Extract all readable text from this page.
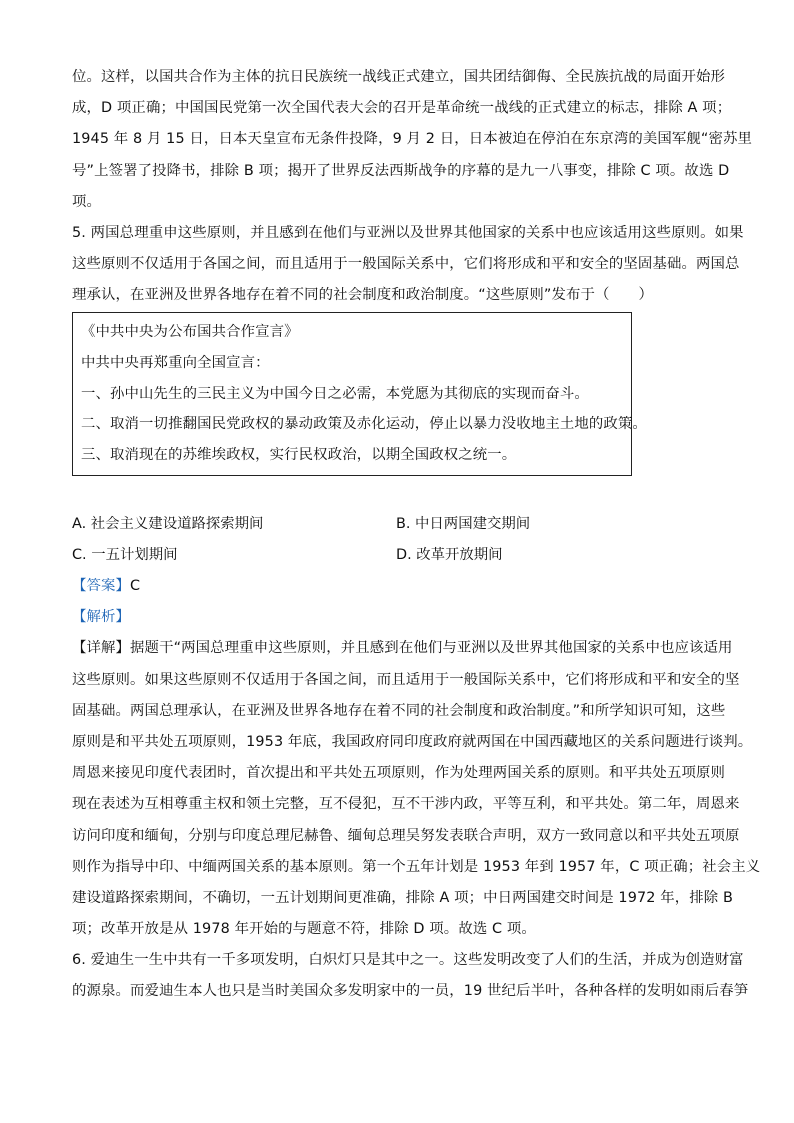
位。这样，以国共合作为主体的抗日民族统一战线正式建立，国共团结御侮、全民族抗战的局面开始形
成，D 项正确；中国国民党第一次全国代表大会的召开是革命统一战线的正式建立的标志，排除 A 项；
1945 年 8 月 15 日，日本天皇宣布无条件投降，9 月 2 日，日本被迫在停泊在东京湾的美国军舰“密苏里
号”上签署了投降书，排除 B 项；揭开了世界反法西斯战争的序幕的是九一八事变，排除 C 项。故选 D
项。
5. 两国总理重申这些原则，并且感到在他们与亚洲以及世界其他国家的关系中也应该适用这些原则。如果
这些原则不仅适用于各国之间，而且适用于一般国际关系中，它们将形成和平和安全的坚固基础。两国总
理承认，在亚洲及世界各地存在着不同的社会制度和政治制度。“这些原则”发布于（　　）
《中共中央为公布国共合作宣言》
中共中央再郑重向全国宣言：
一、孙中山先生的三民主义为中国今日之必需，本党愿为其彻底的实现而奋斗。
二、取消一切推翻国民党政权的暴动政策及赤化运动，停止以暴力没收地主土地的政策。
三、取消现在的苏维埃政权，实行民权政治，以期全国政权之统一。
A. 社会主义建设道路探索期间	B. 中日两国建交期间
C. 一五计划期间	D. 改革开放期间
【答案】C
【解析】
【详解】据题干“两国总理重申这些原则，并且感到在他们与亚洲以及世界其他国家的关系中也应该适用
这些原则。如果这些原则不仅适用于各国之间，而且适用于一般国际关系中，它们将形成和平和安全的坚
固基础。两国总理承认，在亚洲及世界各地存在着不同的社会制度和政治制度。”和所学知识可知，这些
原则是和平共处五项原则，1953 年底，我国政府同印度政府就两国在中国西藏地区的关系问题进行谈判。
周恩来接见印度代表团时，首次提出和平共处五项原则，作为处理两国关系的原则。和平共处五项原则
现在表述为互相尊重主权和领土完整，互不侵犯，互不干涉内政，平等互利，和平共处。第二年，周恩来
访问印度和缅甸，分别与印度总理尼赫鲁、缅甸总理吴努发表联合声明，双方一致同意以和平共处五项原
则作为指导中印、中缅两国关系的基本原则。第一个五年计划是 1953 年到 1957 年，C 项正确；社会主义
建设道路探索期间，不确切，一五计划期间更准确，排除 A 项；中日两国建交时间是 1972 年，排除 B
项；改革开放是从 1978 年开始的与题意不符，排除 D 项。故选 C 项。
6. 爱迪生一生中共有一千多项发明，白炽灯只是其中之一。这些发明改变了人们的生活，并成为创造财富
的源泉。而爱迪生本人也只是当时美国众多发明家中的一员，19 世纪后半叶，各种各样的发明如雨后春笋
